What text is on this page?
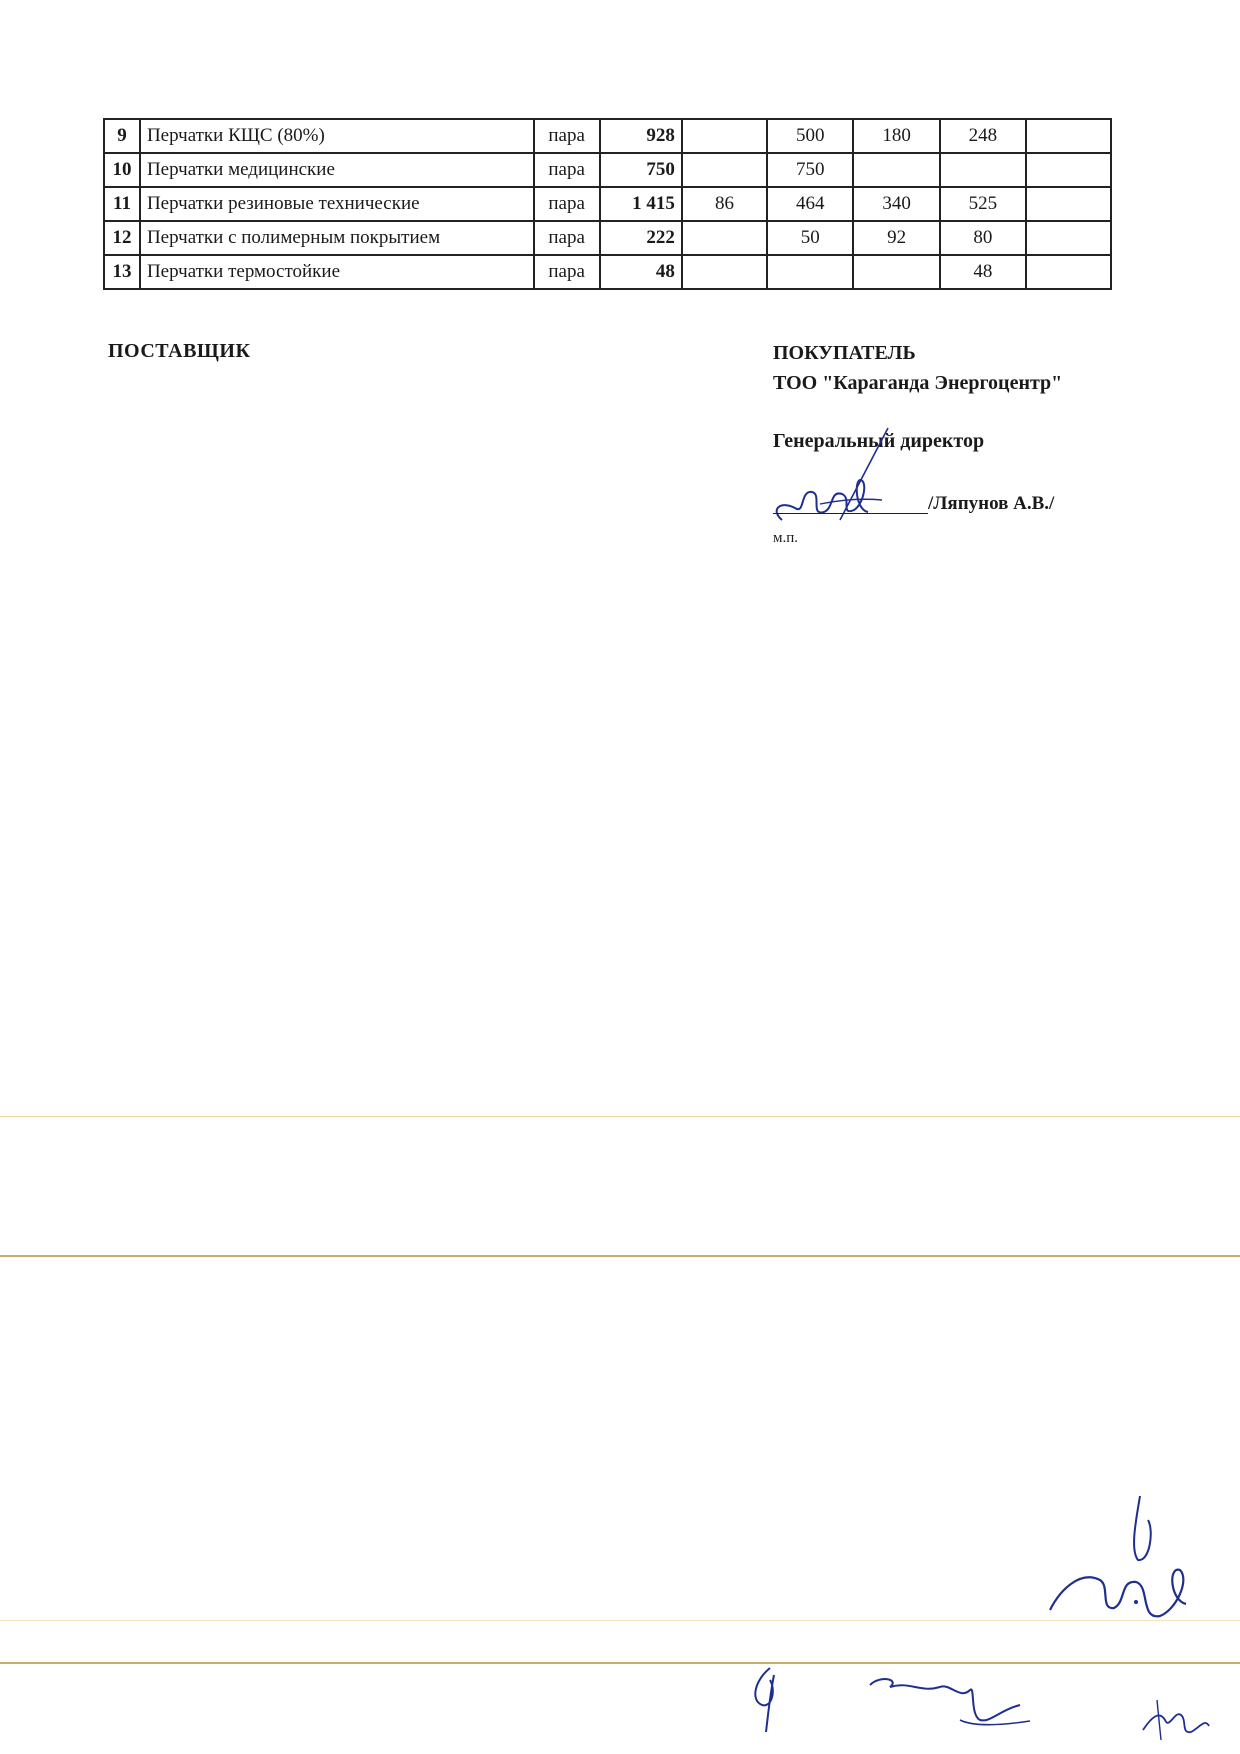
9	Перчатки КЩС (80%)	пара	928		500	180	248	
10	Перчатки медицинские	пара	750		750			
11	Перчатки резиновые технические	пара	1 415	86	464	340	525	
12	Перчатки с полимерным покрытием	пара	222		50	92	80	
13	Перчатки термостойкие	пара	48				48	
ПОСТАВЩИК	ПОКУПАТЕЛЬ
ТОО "Караганда Энергоцентр"
Генеральный директор
/Ляпунов А.В./
м.п.
